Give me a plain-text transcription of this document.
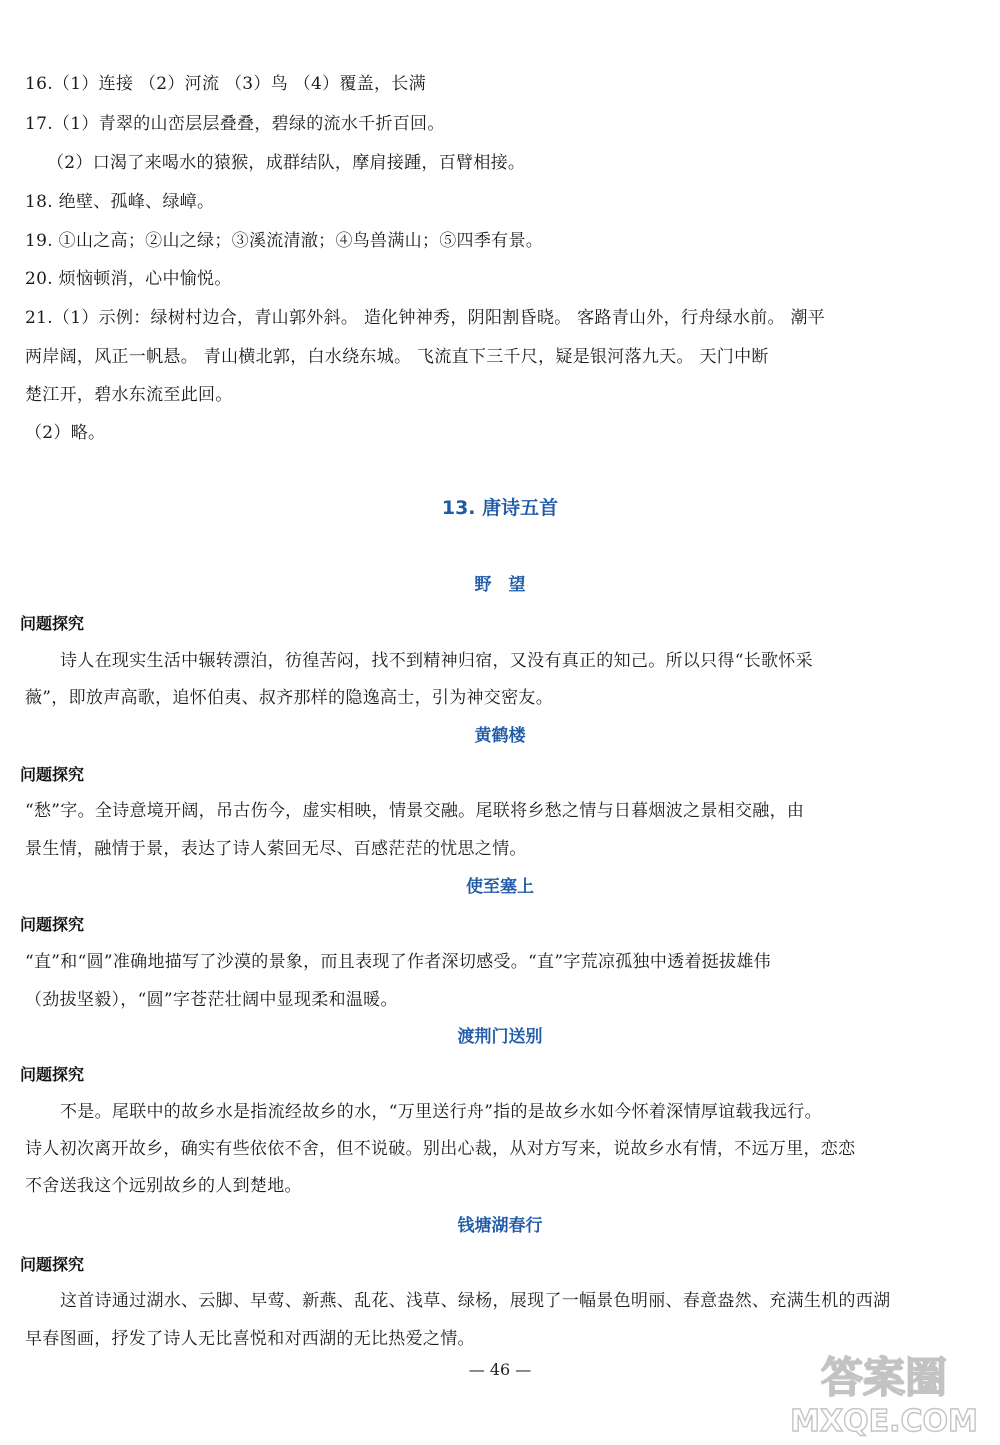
16.（1）连接 （2）河流 （3）鸟 （4）覆盖，长满
17.（1）青翠的山峦层层叠叠，碧绿的流水千折百回。
（2）口渴了来喝水的猿猴，成群结队，摩肩接踵，百臂相接。
18. 绝壁、孤峰、绿嶂。
19. ①山之高；②山之绿；③溪流清澈；④鸟兽满山；⑤四季有景。
20. 烦恼顿消，心中愉悦。
21.（1）示例：绿树村边合，青山郭外斜。 造化钟神秀，阴阳割昏晓。 客路青山外，行舟绿水前。 潮平
两岸阔，风正一帆悬。 青山横北郭，白水绕东城。 飞流直下三千尺，疑是银河落九天。 天门中断
楚江开，碧水东流至此回。
（2）略。
13. 唐诗五首
野　望
问题探究
诗人在现实生活中辗转漂泊，彷徨苦闷，找不到精神归宿，又没有真正的知己。所以只得“长歌怀采
薇”，即放声高歌，追怀伯夷、叔齐那样的隐逸高士，引为神交密友。
黄鹤楼
问题探究
“愁”字。全诗意境开阔，吊古伤今，虚实相映，情景交融。尾联将乡愁之情与日暮烟波之景相交融，由
景生情，融情于景，表达了诗人萦回无尽、百感茫茫的忧思之情。
使至塞上
问题探究
“直”和“圆”准确地描写了沙漠的景象，而且表现了作者深切感受。“直”字荒凉孤独中透着挺拔雄伟
（劲拔坚毅），“圆”字苍茫壮阔中显现柔和温暖。
渡荆门送别
问题探究
不是。尾联中的故乡水是指流经故乡的水，“万里送行舟”指的是故乡水如今怀着深情厚谊载我远行。
诗人初次离开故乡，确实有些依依不舍，但不说破。别出心裁，从对方写来，说故乡水有情，不远万里，恋恋
不舍送我这个远别故乡的人到楚地。
钱塘湖春行
问题探究
这首诗通过湖水、云脚、早莺、新燕、乱花、浅草、绿杨，展现了一幅景色明丽、春意盎然、充满生机的西湖
早春图画，抒发了诗人无比喜悦和对西湖的无比热爱之情。
— 46 —	答案圈
MXQE.COM
